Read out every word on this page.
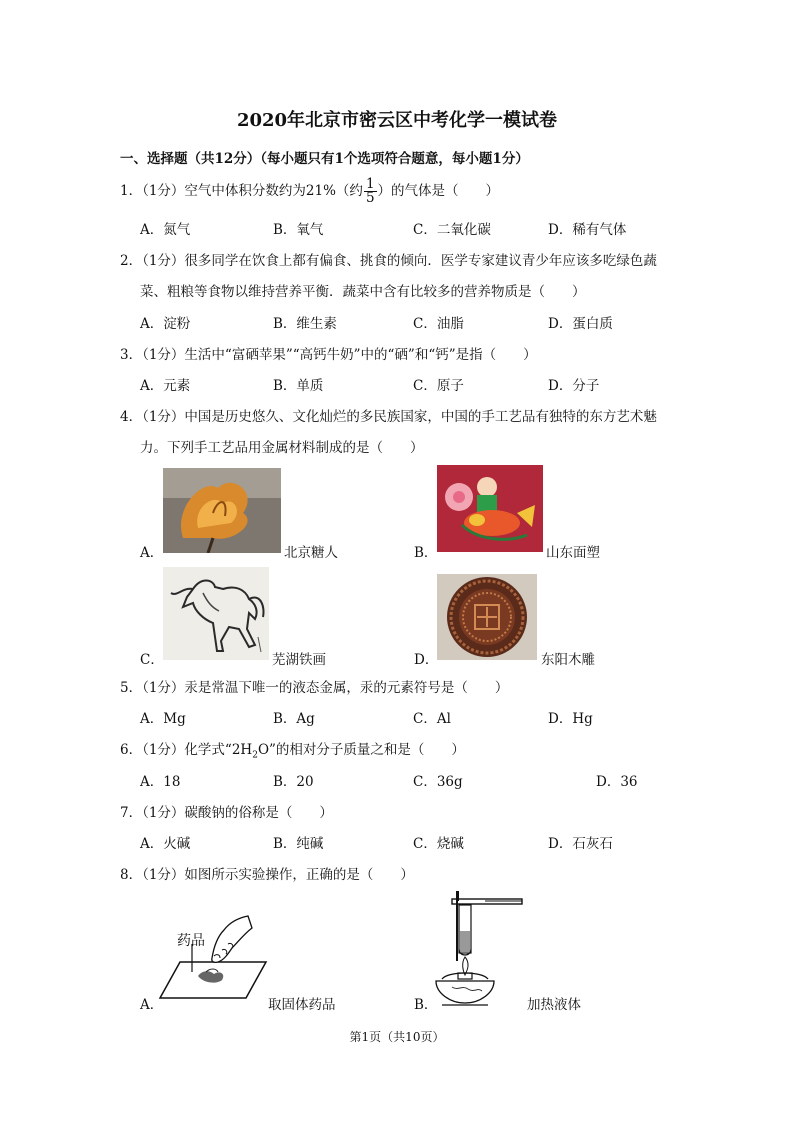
2020年北京市密云区中考化学一模试卷
一、选择题（共12分）（每小题只有1个选项符合题意，每小题1分）
1．（1分）空气中体积分数约为21%（约 $\frac{1}{5}$ ）的气体是（　　）
A．氮气	B．氧气	C．二氧化碳	D．稀有气体
2．（1分）很多同学在饮食上都有偏食、挑食的倾向．医学专家建议青少年应该多吃绿色蔬
菜、粗粮等食物以维持营养平衡．蔬菜中含有比较多的营养物质是（　　）
A．淀粉	B．维生素	C．油脂	D．蛋白质
3．（1分）生活中“富硒苹果”“高钙牛奶”中的“硒”和“钙”是指（　　）
A．元素	B．单质	C．原子	D．分子
4．（1分）中国是历史悠久、文化灿烂的多民族国家，中国的手工艺品有独特的东方艺术魅
力。下列手工艺品用金属材料制成的是（　　）
A．	北京糖人	B．	山东面塑
C．	芜湖铁画	D．	东阳木雕
5．（1分）汞是常温下唯一的液态金属，汞的元素符号是（　　）
A．Mg	B．Ag	C．Al	D．Hg
6．（1分）化学式“$2H_2O$”的相对分子质量之和是（　　）
A．18	B．20	C．36g	D．36
7．（1分）碳酸钠的俗称是（　　）
A．火碱	B．纯碱	C．烧碱	D．石灰石
8．（1分）如图所示实验操作，正确的是（　　）
药品
A．	取固体药品	B．	加热液体
第1页（共10页）
